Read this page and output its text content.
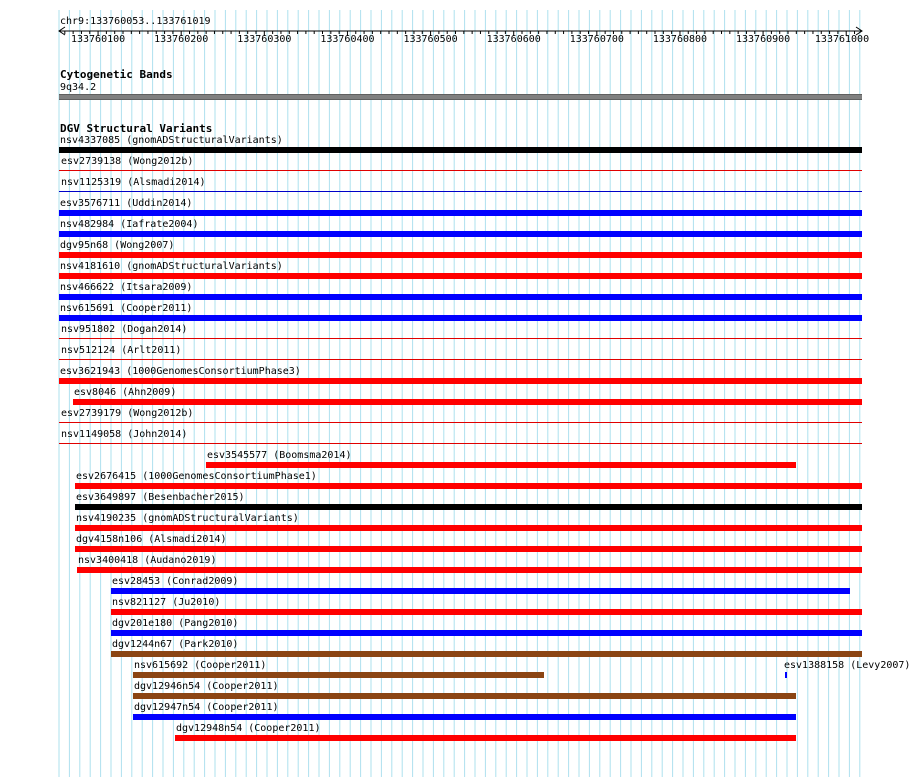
chr9:133760053..133761019
133760100	133760200	133760300	133760400	133760500	133760600	133760700	133760800	133760900 133761000
Cytogenetic Bands
9q34.2
DGV Structural Variants
nsv4337085 (gnomADStructuralVariants)
esv2739138 (Wong2012b)
nsv1125319 (Alsmadi2014)
esv3576711 (Uddin2014)
nsv482984 (Iafrate2004)
dgv95n68 (Wong2007)
nsv4181610 (gnomADStructuralVariants)
nsv466622 (Itsara2009)
nsv615691 (Cooper2011)
nsv951802 (Dogan2014)
nsv512124 (Arlt2011)
esv3621943 (1000GenomesConsortiumPhase3)
esv8046 (Ahn2009)
esv2739179 (Wong2012b)
nsv1149058 (John2014)
esv3545577 (Boomsma2014)
esv2676415 (1000GenomesConsortiumPhase1)
esv3649897 (Besenbacher2015)
nsv4190235 (gnomADStructuralVariants)
dgv4158n106 (Alsmadi2014)
nsv3400418 (Audano2019)
esv28453 (Conrad2009)
nsv821127 (Ju2010)
dgv201e180 (Pang2010)
dgv1244n67 (Park2010)
nsv615692 (Cooper2011)	esv1388158 (Levy2007)
dgv12946n54 (Cooper2011)
dgv12947n54 (Cooper2011)
dgv12948n54 (Cooper2011)
